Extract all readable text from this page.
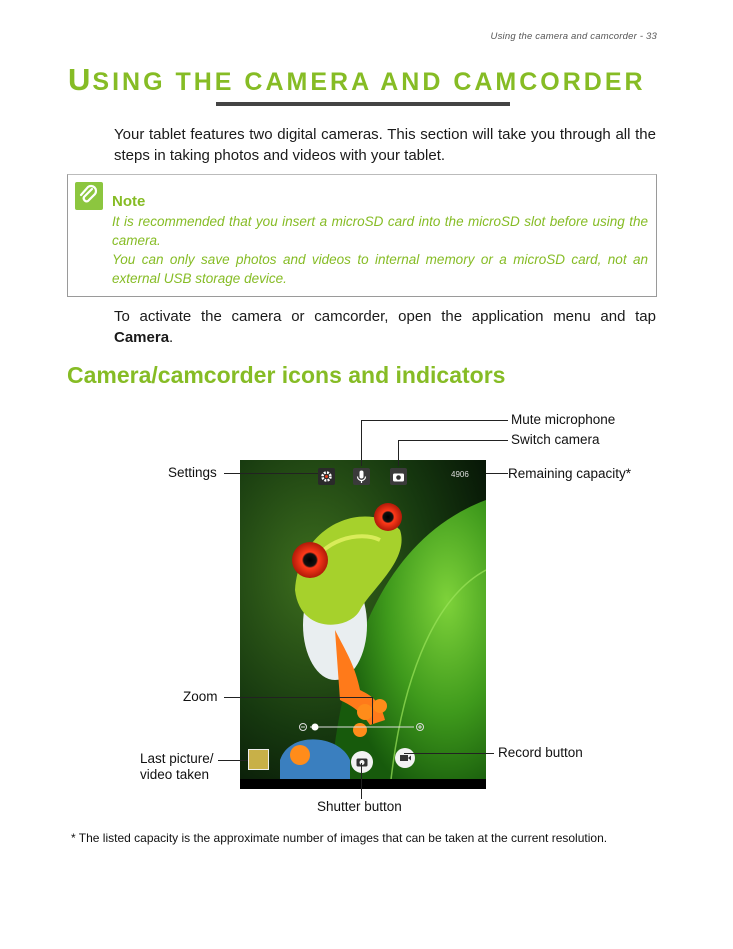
Using the camera and camcorder - 33
USING THE CAMERA AND CAMCORDER
Your tablet features two digital cameras. This section will take you through all the steps in taking photos and videos with your tablet.
Note
It is recommended that you insert a microSD card into the microSD slot before using the camera.
You can only save photos and videos to internal memory or a microSD card, not an external USB storage device.
To activate the camera or camcorder, open the application menu and tap Camera.
Camera/camcorder icons and indicators
4906
Mute microphone
Switch camera
Settings	Remaining capacity*
Zoom
Last picture/
video taken
Record button
Shutter button
* The listed capacity is the approximate number of images that can be taken at the current resolution.
